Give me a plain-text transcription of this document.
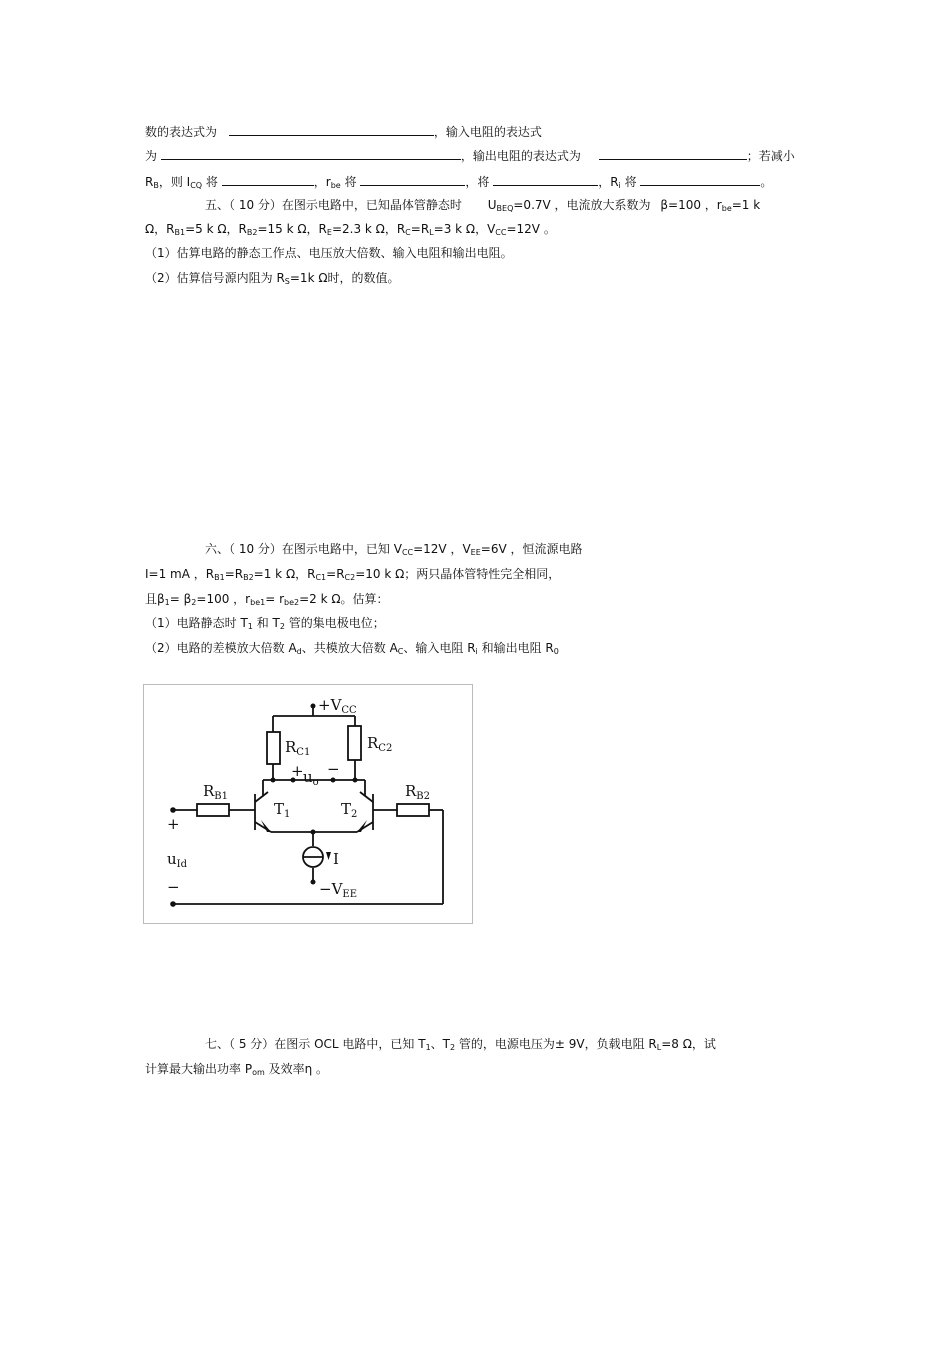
数的表达式为	，输入电阻的表达式
为	，输出电阻的表达式为	；若减小
$R_B$，则 $I_{CQ}$ 将	，$r_{be}$ 将	，将	，$R_i$ 将	。
五、（ 10 分）在图示电路中，已知晶体管静态时 $U_{BEQ}=0.7V$ ，电流放大系数为 β=100 ，$r_{be}=1$ k
Ω，$R_{B1}=5$ k Ω，$R_{B2}=15$ k Ω，$R_E=2.3$ k Ω，$R_C=R_L=3$ k Ω，$V_{CC}=12V$ 。
（1）估算电路的静态工作点、电压放大倍数、输入电阻和输出电阻。
（2）估算信号源内阻为 $R_S=1k$ Ω时，的数值。
六、（ 10 分）在图示电路中，已知 $V_{CC}=12V$ ，$V_{EE}=6V$ ，恒流源电路
I=1 mA ，$R_{B1}=R_{B2}=1$ k Ω，$R_{C1}=R_{C2}=10$ k Ω；两只晶体管特性完全相同，
且$\beta_1= \beta_2=100$ ，$r_{be1}= r_{be2}=2$ k Ω。估算：
（1）电路静态时 $T_1$ 和 $T_2$ 管的集电极电位；
（2）电路的差模放大倍数 $A_d$、共模放大倍数 $A_C$、输入电阻 $R_i$ 和输出电阻 $R_0$
$+V_{CC}$
$R_{C1}$
$R_{C2}$
+ $u_o$
−
$R_{B1}$	$R_{B2}$
$T_1$	$T_2$
+
$u_{Id}$
−
I
$-V_{EE}$
七、（ 5 分）在图示 OCL 电路中，已知 $T_1$、$T_2$ 管的，电源电压为± 9V，负载电阻 $R_L=8$ Ω，试
计算最大输出功率 $P_{om}$ 及效率η 。
